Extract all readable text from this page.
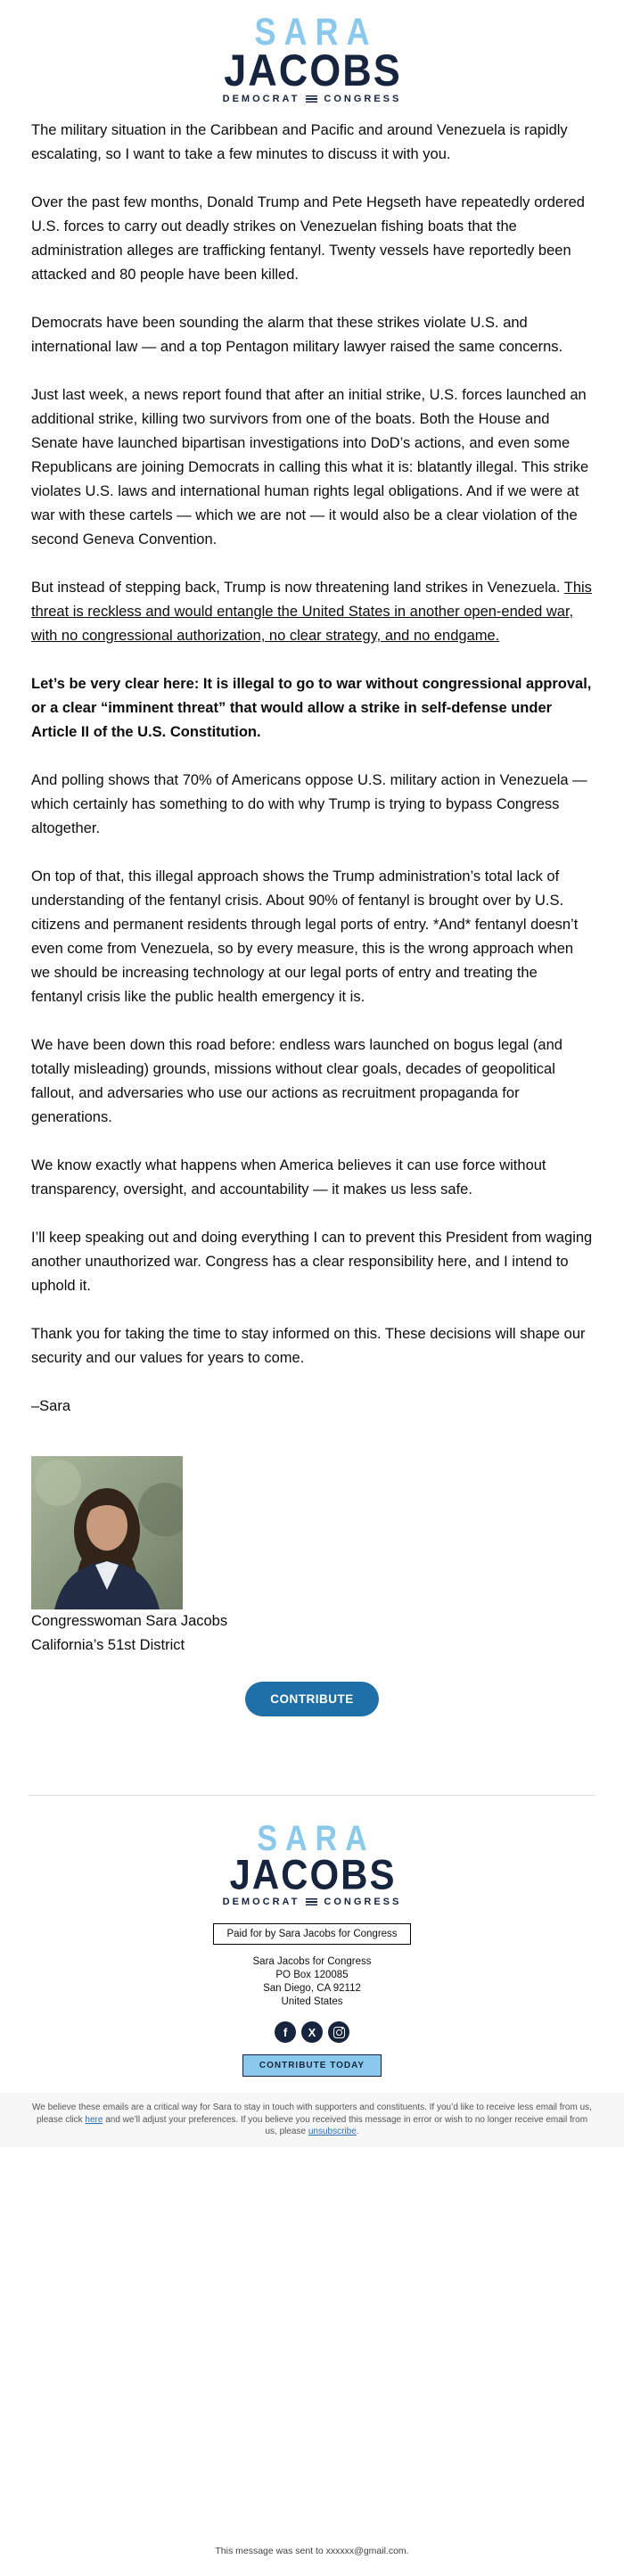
SARA
JACOBS
DEMOCRAT CONGRESS

The military situation in the Caribbean and Pacific and around Venezuela is rapidly escalating, so I want to take a few minutes to discuss it with you.

Over the past few months, Donald Trump and Pete Hegseth have repeatedly ordered U.S. forces to carry out deadly strikes on Venezuelan fishing boats that the administration alleges are trafficking fentanyl. Twenty vessels have reportedly been attacked and 80 people have been killed.

Democrats have been sounding the alarm that these strikes violate U.S. and international law — and a top Pentagon military lawyer raised the same concerns.

Just last week, a news report found that after an initial strike, U.S. forces launched an additional strike, killing two survivors from one of the boats. Both the House and Senate have launched bipartisan investigations into DoD’s actions, and even some Republicans are joining Democrats in calling this what it is: blatantly illegal. This strike violates U.S. laws and international human rights legal obligations. And if we were at war with these cartels — which we are not — it would also be a clear violation of the second Geneva Convention.

But instead of stepping back, Trump is now threatening land strikes in Venezuela. This threat is reckless and would entangle the United States in another open-ended war, with no congressional authorization, no clear strategy, and no endgame.

Let’s be very clear here: It is illegal to go to war without congressional approval, or a clear “imminent threat” that would allow a strike in self-defense under Article II of the U.S. Constitution.

And polling shows that 70% of Americans oppose U.S. military action in Venezuela — which certainly has something to do with why Trump is trying to bypass Congress altogether.

On top of that, this illegal approach shows the Trump administration’s total lack of understanding of the fentanyl crisis. About 90% of fentanyl is brought over by U.S. citizens and permanent residents through legal ports of entry. *And* fentanyl doesn’t even come from Venezuela, so by every measure, this is the wrong approach when we should be increasing technology at our legal ports of entry and treating the fentanyl crisis like the public health emergency it is.

We have been down this road before: endless wars launched on bogus legal (and totally misleading) grounds, missions without clear goals, decades of geopolitical fallout, and adversaries who use our actions as recruitment propaganda for generations.

We know exactly what happens when America believes it can use force without transparency, oversight, and accountability — it makes us less safe.

I’ll keep speaking out and doing everything I can to prevent this President from waging another unauthorized war. Congress has a clear responsibility here, and I intend to uphold it.

Thank you for taking the time to stay informed on this. These decisions will shape our security and our values for years to come.

–Sara

Congresswoman Sara Jacobs
California’s 51st District

CONTRIBUTE
SARA
JACOBS
DEMOCRAT CONGRESS
Paid for by Sara Jacobs for Congress
Sara Jacobs for Congress
PO Box 120085
San Diego, CA 92112
United States
f	X
CONTRIBUTE TODAY

We believe these emails are a critical way for Sara to stay in touch with supporters and constituents. If you’d like to receive less email from us, please click here and we’ll adjust your preferences. If you believe you received this message in error or wish to no longer receive email from us, please unsubscribe.

This message was sent to xxxxxx@gmail.com.
